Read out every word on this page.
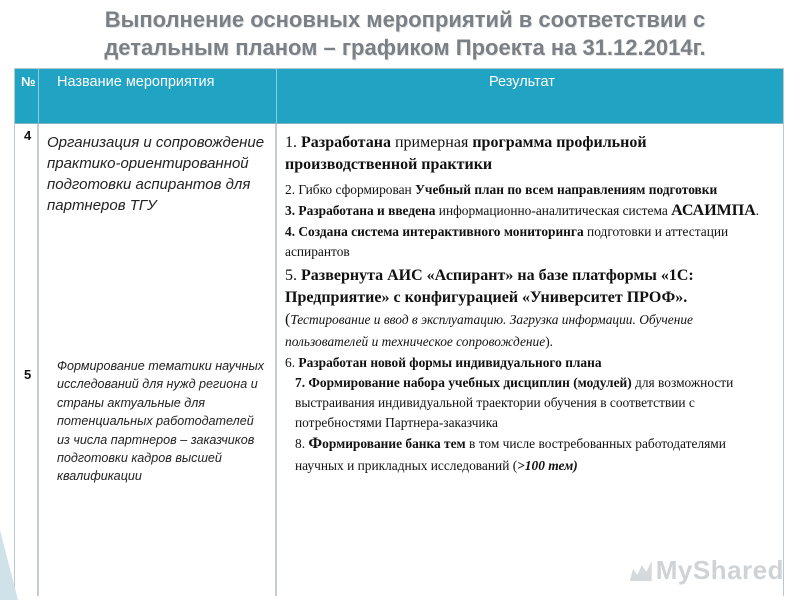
Выполнение основных мероприятий в соответствии с детальным планом – графиком Проекта на 31.12.2014г.
№	Название мероприятия	Результат
4
5
Организация и сопровождение практико-ориентированной подготовки аспирантов для партнеров ТГУ
Формирование тематики научных исследований для нужд региона и страны актуальные для потенциальных работодателей из числа партнеров – заказчиков подготовки кадров высшей квалификации

1. Разработана примерная программа профильной производственной практики

2. Гибко сформирован Учебный план по всем направлениям подготовки

3. Разработана и введена информационно-аналитическая система АСАИМПА.

4. Создана система интерактивного мониторинга подготовки и аттестации аспирантов

5. Развернута АИС «Аспирант» на базе платформы «1С: Предприятие» с конфигурацией «Университет ПРОФ». (Тестирование и ввод в эксплуатацию. Загрузка информации. Обучение пользователей и техническое сопровождение).

6. Разработан новой формы индивидуального плана

7. Формирование набора учебных дисциплин (модулей) для возможности выстраивания индивидуальной траектории обучения в соответствии с потребностями Партнера-заказчика

8. Формирование банка тем в том числе востребованных работодателями научных и прикладных исследований (>100 тем)

MyShared
